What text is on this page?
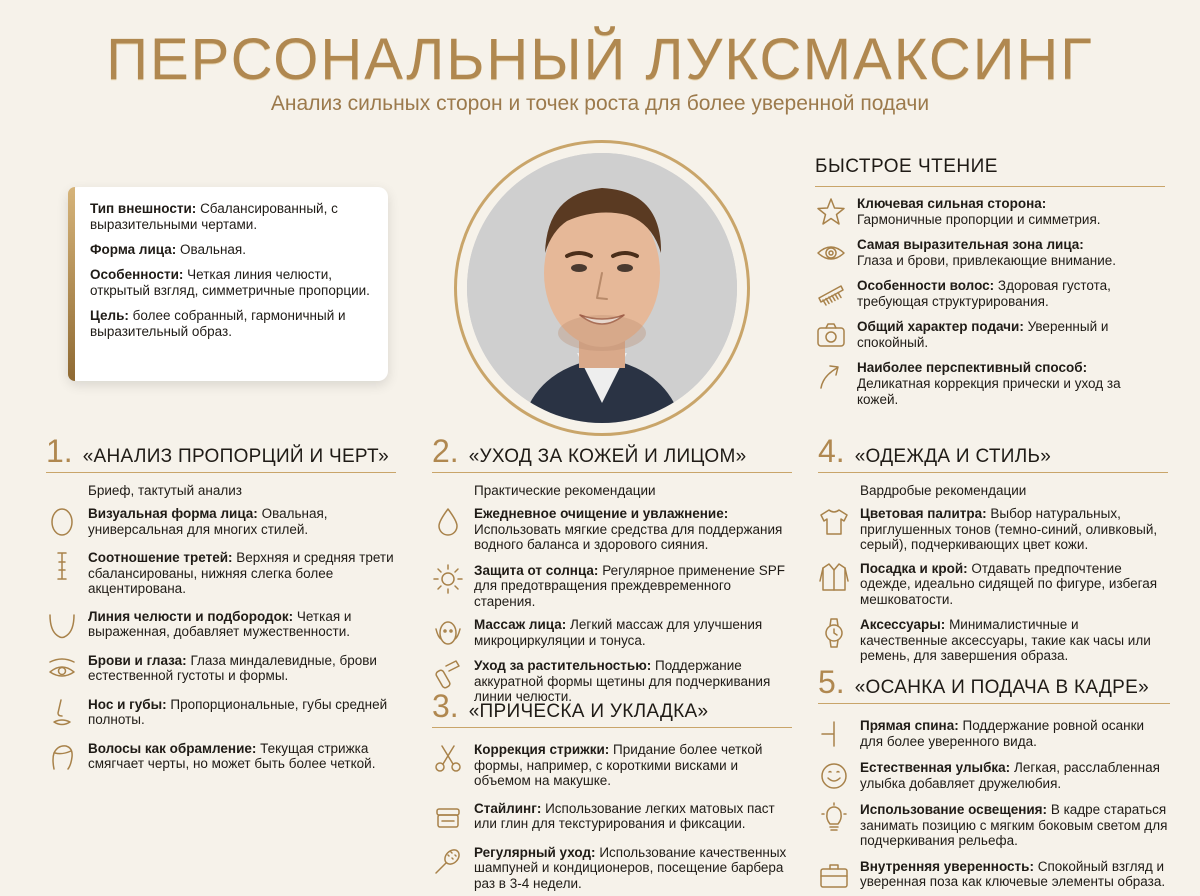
ПЕРСОНАЛЬНЫЙ ЛУКСМАКСИНГ
Анализ сильных сторон и точек роста для более уверенной подачи

Тип внешности: Сбалансированный, с выразительными чертами.

Форма лица: Овальная.

Особенности: Четкая линия челюсти, открытый взгляд, симметричные пропорции.

Цель: более собранный, гармоничный и выразительный образ.

БЫСТРОЕ ЧТЕНИЕ
Ключевая сильная сторона:
Гармоничные пропорции и симметрия.
Самая выразительная зона лица:
Глаза и брови, привлекающие внимание.
Особенности волос: Здоровая густота, требующая структурирования.
Общий характер подачи: Уверенный и спокойный.
Наиболее перспективный способ:
Деликатная коррекция прически и уход за кожей.
1. «АНАЛИЗ ПРОПОРЦИЙ И ЧЕРТ»
Бриеф, тактутый анализ
Визуальная форма лица: Овальная, универсальная для многих стилей.
Соотношение третей: Верхняя и средняя трети сбалансированы, нижняя слегка более акцентирована.
Линия челюсти и подбородок: Четкая и выраженная, добавляет мужественности.
Брови и глаза: Глаза миндалевидные, брови естественной густоты и формы.
Нос и губы: Пропорциональные, губы средней полноты.
Волосы как обрамление: Текущая стрижка смягчает черты, но может быть более четкой.
2. «УХОД ЗА КОЖЕЙ И ЛИЦОМ»
Практические рекомендации
Ежедневное очищение и увлажнение: Использовать мягкие средства для поддержания водного баланса и здорового сияния.
Защита от солнца: Регулярное применение SPF для предотвращения преждевременного старения.
Массаж лица: Легкий массаж для улучшения микроциркуляции и тонуса.
Уход за растительностью: Поддержание аккуратной формы щетины для подчеркивания линии челюсти.
3. «ПРИЧЕСКА И УКЛАДКА»
Коррекция стрижки: Придание более четкой формы, например, с короткими висками и объемом на макушке.
Стайлинг: Использование легких матовых паст или глин для текстурирования и фиксации.
Регулярный уход: Использование качественных шампуней и кондиционеров, посещение барбера раз в 3-4 недели.
4. «ОДЕЖДА И СТИЛЬ»
Вардробые рекомендации
Цветовая палитра: Выбор натуральных, приглушенных тонов (темно-синий, оливковый, серый), подчеркивающих цвет кожи.
Посадка и крой: Отдавать предпочтение одежде, идеально сидящей по фигуре, избегая мешковатости.
Аксессуары: Минималистичные и качественные аксессуары, такие как часы или ремень, для завершения образа.
5. «ОСАНКА И ПОДАЧА В КАДРЕ»
Прямая спина: Поддержание ровной осанки для более уверенного вида.
Естественная улыбка: Легкая, расслабленная улыбка добавляет дружелюбия.
Использование освещения: В кадре стараться занимать позицию с мягким боковым светом для подчеркивания рельефа.
Внутренняя уверенность: Спокойный взгляд и уверенная поза как ключевые элементы образа.
